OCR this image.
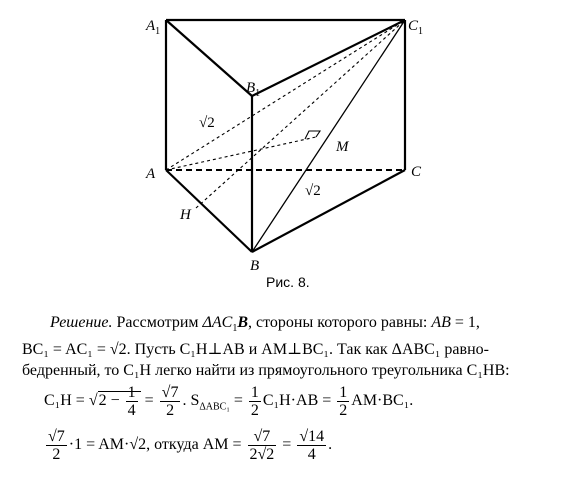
$A_1$	$C_1$
$B_1$
A	C
B
H
M
√2
√2
Рис. 8.

Решение. Рассмотрим $\Delta AC_1B$, стороны которого равны: AB = 1,

BC₁ = AC₁ = √2. Пусть C₁H⊥AB и AM⊥BC₁. Так как ΔABC₁ равно-

бедренный, то C₁H легко найти из прямоугольного треугольника C₁HB:

$C_1H = √2 - \frac{1}{4} = \frac{√7}{2}$ . $S_{\Delta ABC_1} = \frac{1}{2} C_1H\cdot AB = \frac{1}{2} AM\cdot BC_1$.
$\frac{√7}{2} \cdot 1 = AM\cdot√2$, откуда AM = $\frac{√7}{2√2} = \frac{√14}{4}$ .
